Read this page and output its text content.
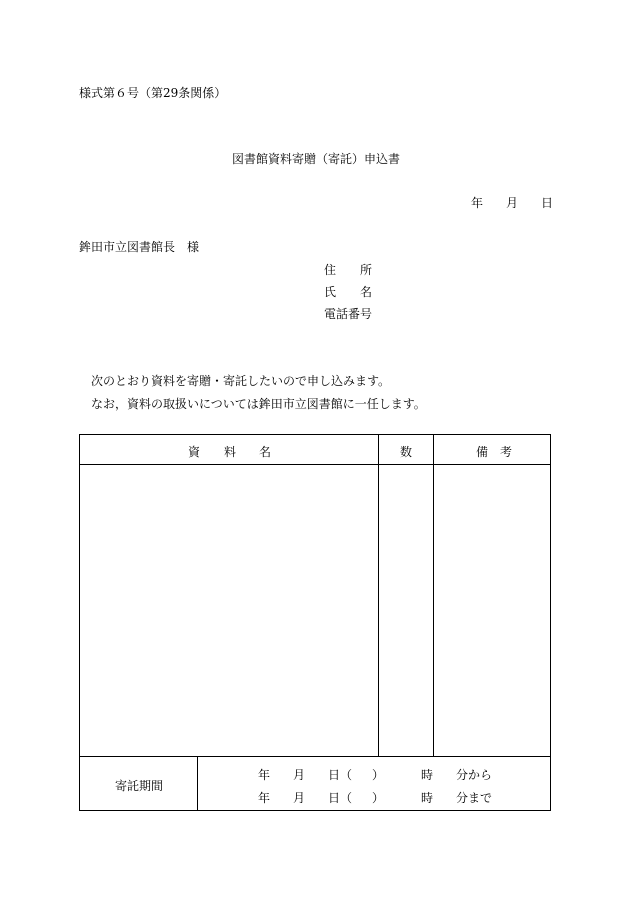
様式第６号（第29条関係）
図書館資料寄贈（寄託）申込書
年 月 日
鉾田市立図書館長　様
住 所
氏 名
電話番号
次のとおり資料を寄贈・寄託したいので申し込みます。
なお，資料の取扱いについては鉾田市立図書館に一任します。
資 料 名	数	備 考
寄託期間
年 月 日（ ）	時 分から
年 月 日（ ）	時 分まで
